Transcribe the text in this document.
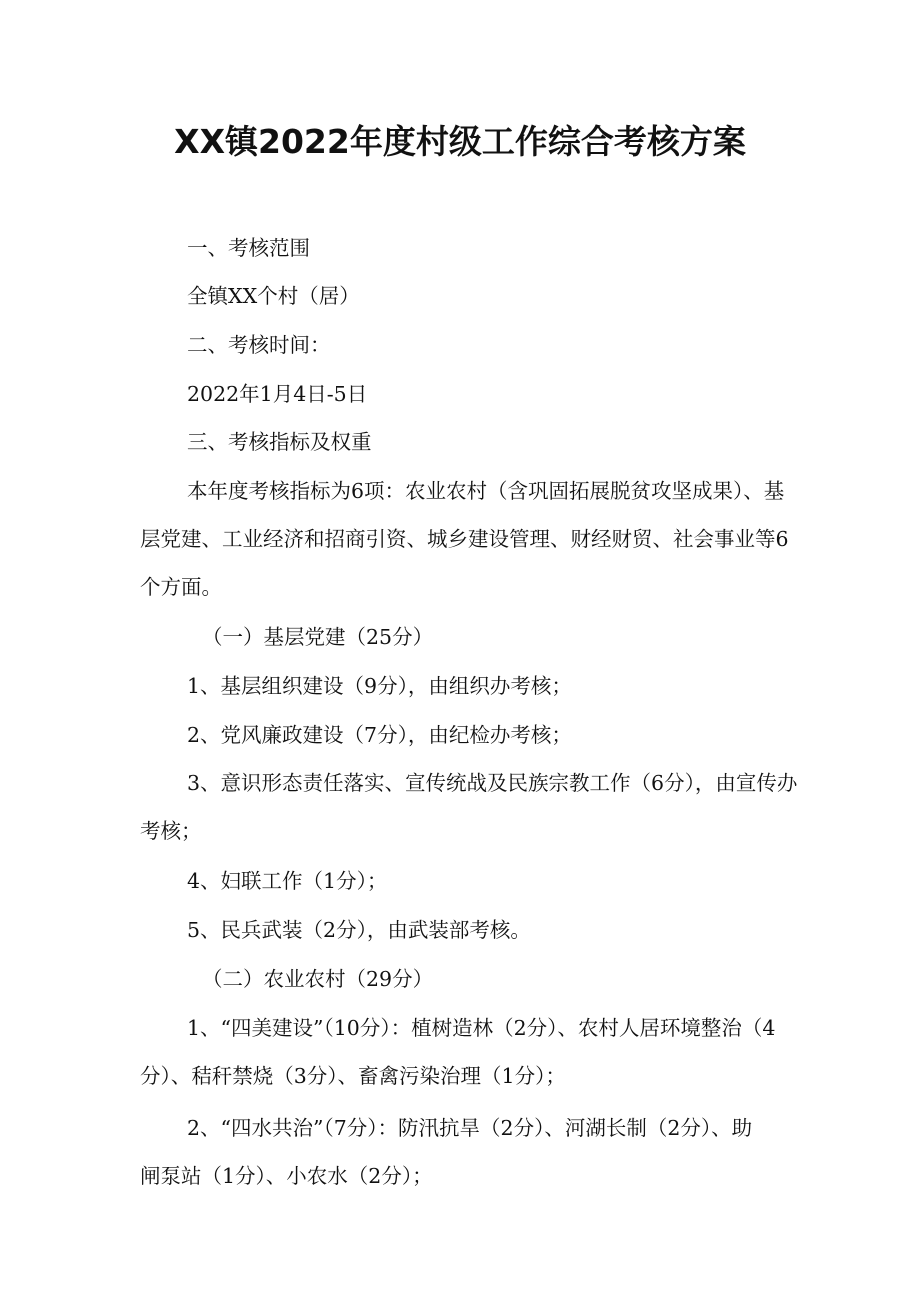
XX镇2022年度村级工作综合考核方案

一、考核范围

全镇XX个村（居）

二、考核时间：

2022年1月4日-5日

三、考核指标及权重

本年度考核指标为6项：农业农村（含巩固拓展脱贫攻坚成果）、基层党建、工业经济和招商引资、城乡建设管理、财经财贸、社会事业等6个方面。

（一）基层党建（25分）

1、基层组织建设（9分），由组织办考核；

2、党风廉政建设（7分），由纪检办考核；

3、意识形态责任落实、宣传统战及民族宗教工作（6分），由宣传办考核；

4、妇联工作（1分）；

5、民兵武装（2分），由武装部考核。

（二）农业农村（29分）

1、“四美建设”（10分）：植树造林（2分）、农村人居环境整治（4分）、秸秆禁烧（3分）、畜禽污染治理（1分）；

2、“四水共治”（7分）：防汛抗旱（2分）、河湖长制（2分）、助闸泵站（1分）、小农水（2分）；
